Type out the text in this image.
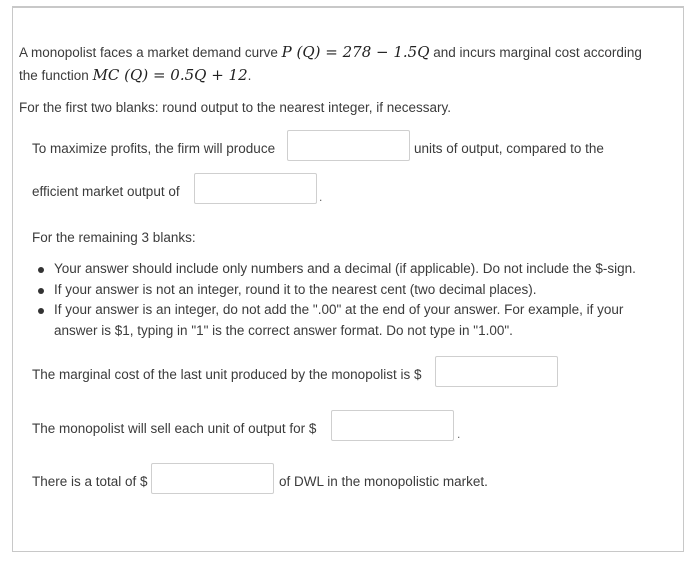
A monopolist faces a market demand curve P (Q) = 278 − 1.5Q and incurs marginal cost according
the function MC (Q) = 0.5Q + 12.
For the first two blanks: round output to the nearest integer, if necessary.
To maximize profits, the firm will produce	units of output, compared to the
efficient market output of	.
For the remaining 3 blanks:
Your answer should include only numbers and a decimal (if applicable). Do not include the $-sign.
If your answer is not an integer, round it to the nearest cent (two decimal places).
If your answer is an integer, do not add the ".00" at the end of your answer. For example, if your answer is $1, typing in "1" is the correct answer format. Do not type in "1.00".
The marginal cost of the last unit produced by the monopolist is $
The monopolist will sell each unit of output for $	.
There is a total of $	of DWL in the monopolistic market.
